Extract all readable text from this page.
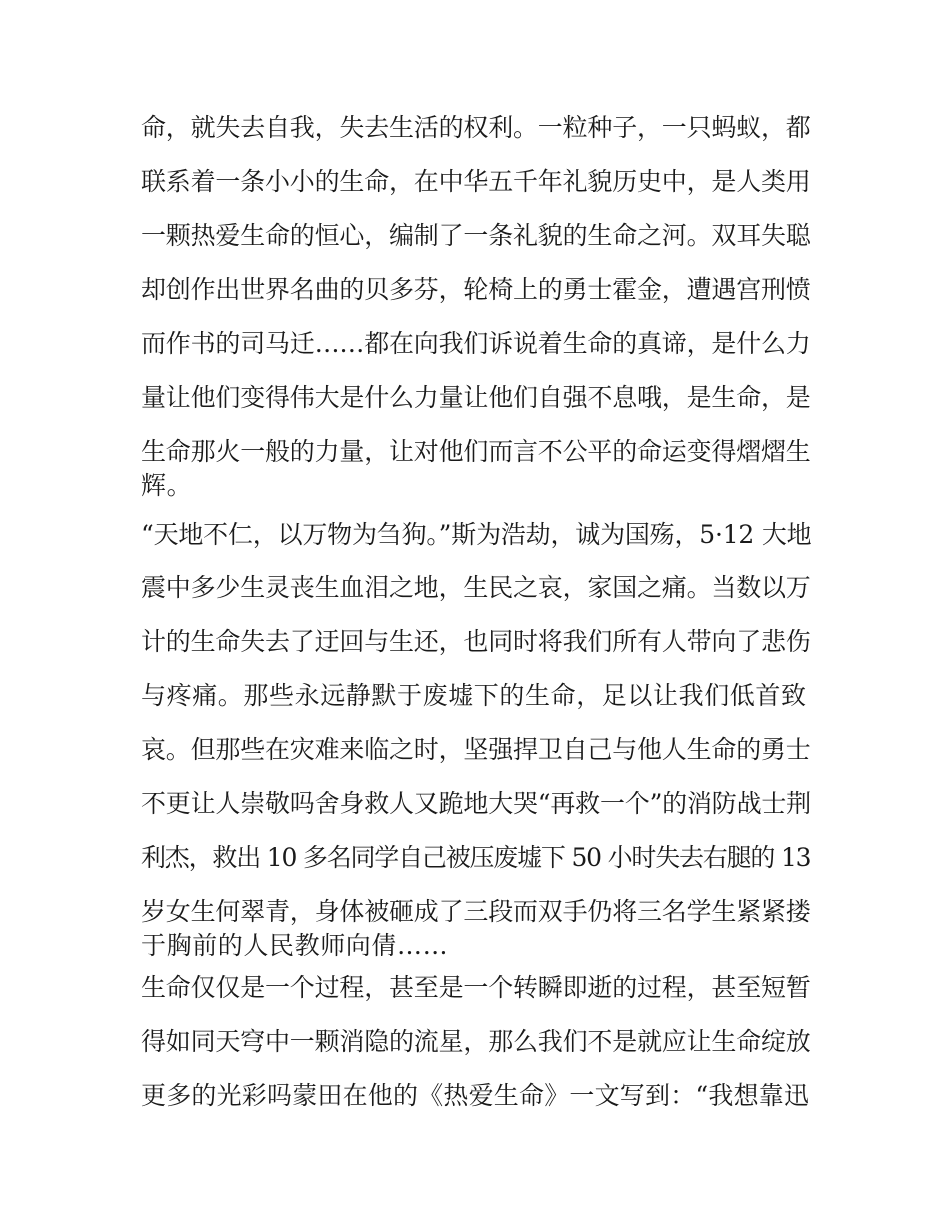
命，就失去自我，失去生活的权利。一粒种子，一只蚂蚁，都
联系着一条小小的生命，在中华五千年礼貌历史中，是人类用
一颗热爱生命的恒心，编制了一条礼貌的生命之河。双耳失聪
却创作出世界名曲的贝多芬，轮椅上的勇士霍金，遭遇宫刑愤
而作书的司马迁……都在向我们诉说着生命的真谛，是什么力
量让他们变得伟大是什么力量让他们自强不息哦，是生命，是
生命那火一般的力量，让对他们而言不公平的命运变得熠熠生
辉。
“天地不仁，以万物为刍狗。”斯为浩劫，诚为国殇，5·12 大地
震中多少生灵丧生血泪之地，生民之哀，家国之痛。当数以万
计的生命失去了迂回与生还，也同时将我们所有人带向了悲伤
与疼痛。那些永远静默于废墟下的生命，足以让我们低首致
哀。但那些在灾难来临之时，坚强捍卫自己与他人生命的勇士
不更让人崇敬吗舍身救人又跪地大哭“再救一个”的消防战士荆
利杰，救出 10 多名同学自己被压废墟下 50 小时失去右腿的 13
岁女生何翠青，身体被砸成了三段而双手仍将三名学生紧紧搂
于胸前的人民教师向倩……
生命仅仅是一个过程，甚至是一个转瞬即逝的过程，甚至短暂
得如同天穹中一颗消隐的流星，那么我们不是就应让生命绽放
更多的光彩吗蒙田在他的《热爱生命》一文写到：“我想靠迅
